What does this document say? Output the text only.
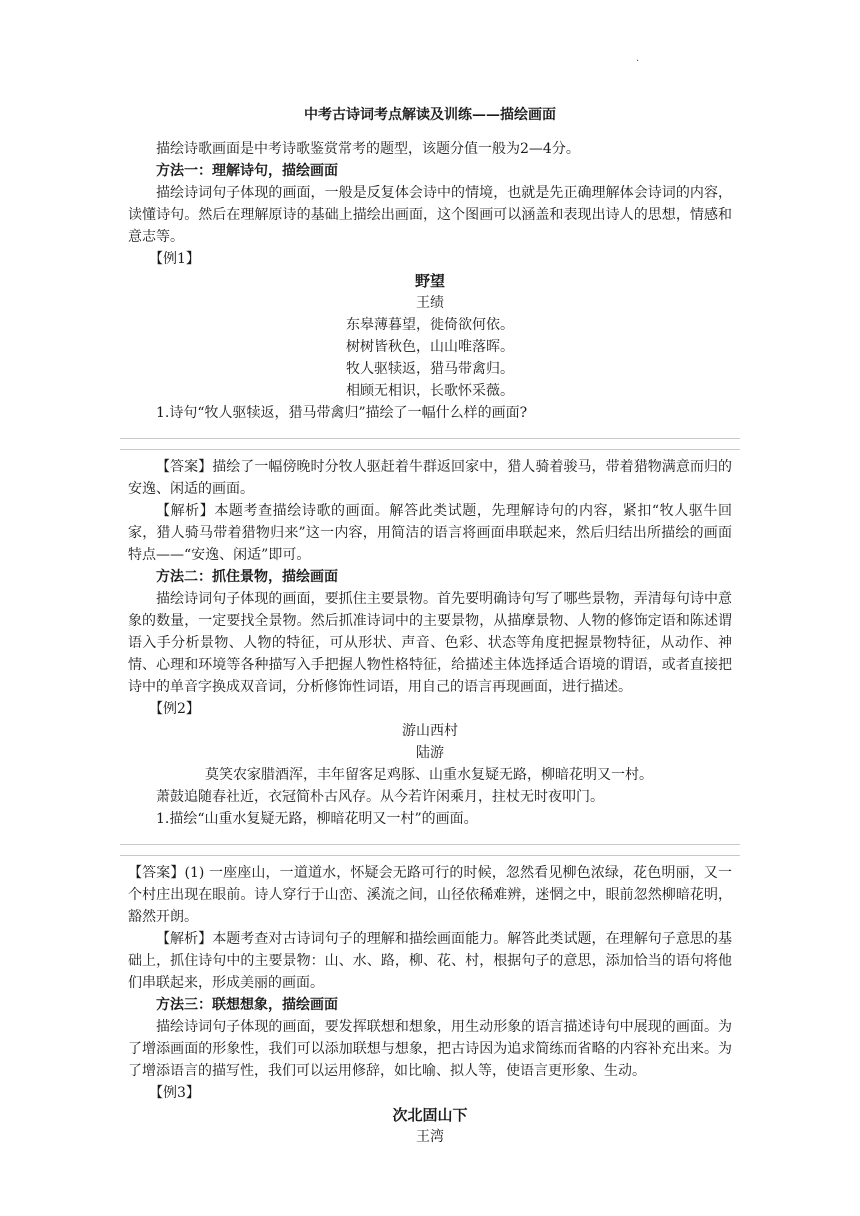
·
中考古诗词考点解读及训练——描绘画面

描绘诗歌画面是中考诗歌鉴赏常考的题型，该题分值一般为2—4分。

方法一：理解诗句，描绘画面

描绘诗词句子体现的画面，一般是反复体会诗中的情境，也就是先正确理解体会诗词的内容，读懂诗句。然后在理解原诗的基础上描绘出画面，这个图画可以涵盖和表现出诗人的思想，情感和意志等。

【例1】

野望
王绩
东皋薄暮望，徙倚欲何依。
树树皆秋色，山山唯落晖。
牧人驱犊返，猎马带禽归。
相顾无相识，长歌怀采薇。

1.诗句“牧人驱犊返，猎马带禽归”描绘了一幅什么样的画面?

【答案】描绘了一幅傍晚时分牧人驱赶着牛群返回家中，猎人骑着骏马，带着猎物满意而归的安逸、闲适的画面。

【解析】本题考查描绘诗歌的画面。解答此类试题，先理解诗句的内容，紧扣“牧人驱牛回家，猎人骑马带着猎物归来”这一内容，用简洁的语言将画面串联起来，然后归结出所描绘的画面特点——“安逸、闲适”即可。

方法二：抓住景物，描绘画面

描绘诗词句子体现的画面，要抓住主要景物。首先要明确诗句写了哪些景物，弄清每句诗中意象的数量，一定要找全景物。然后抓准诗词中的主要景物，从描摩景物、人物的修饰定语和陈述谓语入手分析景物、人物的特征，可从形状、声音、色彩、状态等角度把握景物特征，从动作、神情、心理和环境等各种描写入手把握人物性格特征，给描述主体选择适合语境的谓语，或者直接把诗中的单音字换成双音词，分析修饰性词语，用自己的语言再现画面，进行描述。

【例2】

游山西村
陆游

莫笑农家腊酒浑，丰年留客足鸡豚、山重水复疑无路，柳暗花明又一村。

萧鼓追随春社近，衣冠简朴古风存。从今若许闲乘月，拄杖无时夜叩门。

1.描绘“山重水复疑无路，柳暗花明又一村”的画面。

【答案】(1) 一座座山，一道道水，怀疑会无路可行的时候，忽然看见柳色浓绿，花色明丽，又一个村庄出现在眼前。诗人穿行于山峦、溪流之间，山径依稀难辨，迷惘之中，眼前忽然柳暗花明，豁然开朗。

【解析】本题考查对古诗词句子的理解和描绘画面能力。解答此类试题，在理解句子意思的基础上，抓住诗句中的主要景物：山、水、路，柳、花、村，根据句子的意思，添加恰当的语句将他们串联起来，形成美丽的画面。

方法三：联想想象，描绘画面

描绘诗词句子体现的画面，要发挥联想和想象，用生动形象的语言描述诗句中展现的画面。为了增添画面的形象性，我们可以添加联想与想象，把古诗因为追求简练而省略的内容补充出来。为了增添语言的描写性，我们可以运用修辞，如比喻、拟人等，使语言更形象、生动。

【例3】

次北固山下
王湾
